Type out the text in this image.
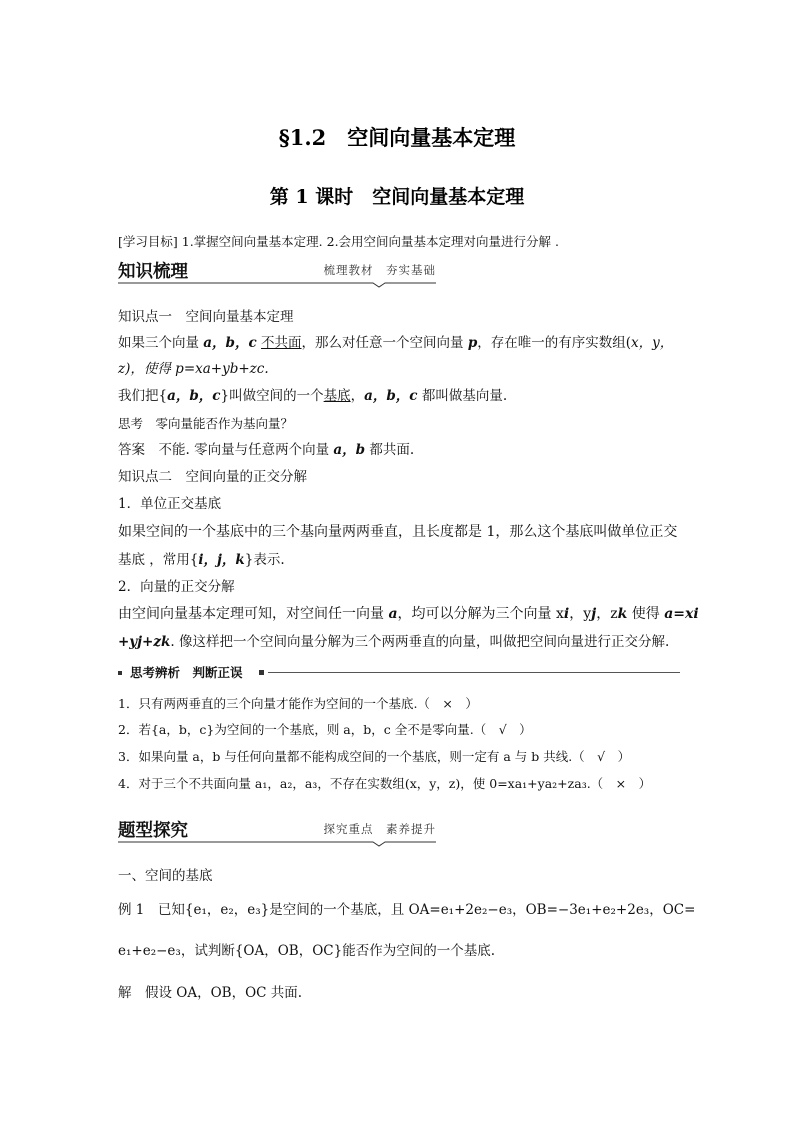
§1.2　空间向量基本定理
第 1 课时　空间向量基本定理
[学习目标] 1.掌握空间向量基本定理. 2.会用空间向量基本定理对向量进行分解 .
知识梳理	梳理教材　夯实基础
知识点一　空间向量基本定理
如果三个向量 a，b，c 不共面，那么对任意一个空间向量 p，存在唯一的有序实数组(x，y，
z)，使得 p=xa+yb+zc.
我们把{a，b，c}叫做空间的一个基底，a，b，c 都叫做基向量.
思考　 零向量能否作为基向量？
答案　 不能. 零向量与任意两个向量 a，b 都共面.
知识点二　空间向量的正交分解
1．单位正交基底
如果空间的一个基底中的三个基向量两两垂直，且长度都是 1，那么这个基底叫做单位正交
基底 ，常用{i，j，k}表示.
2．向量的正交分解
由空间向量基本定理可知，对空间任一向量 a，均可以分解为三个向量 xi，yj，zk 使得 a=xi
+yj+zk. 像这样把一个空间向量分解为三个两两垂直的向量，叫做把空间向量进行正交分解.
思考辨析　判断正误
1．只有两两垂直的三个向量才能作为空间的一个基底.（　×　）
2．若{a，b，c}为空间的一个基底，则 a，b，c 全不是零向量.（　√　）
3．如果向量 a，b 与任何向量都不能构成空间的一个基底，则一定有 a 与 b 共线.（　√　）
4．对于三个不共面向量 a₁，a₂，a₃，不存在实数组(x，y，z)，使 0=xa₁+ya₂+za₃.（　×　）
题型探究	探究重点　素养提升
一、空间的基底
例 1　 已知{e₁，e₂，e₃}是空间的一个基底，且 OA=e₁+2e₂−e₃，OB=−3e₁+e₂+2e₃，OC=
e₁+e₂−e₃，试判断{OA，OB，OC}能否作为空间的一个基底.
解　 假设 OA，OB，OC 共面.
